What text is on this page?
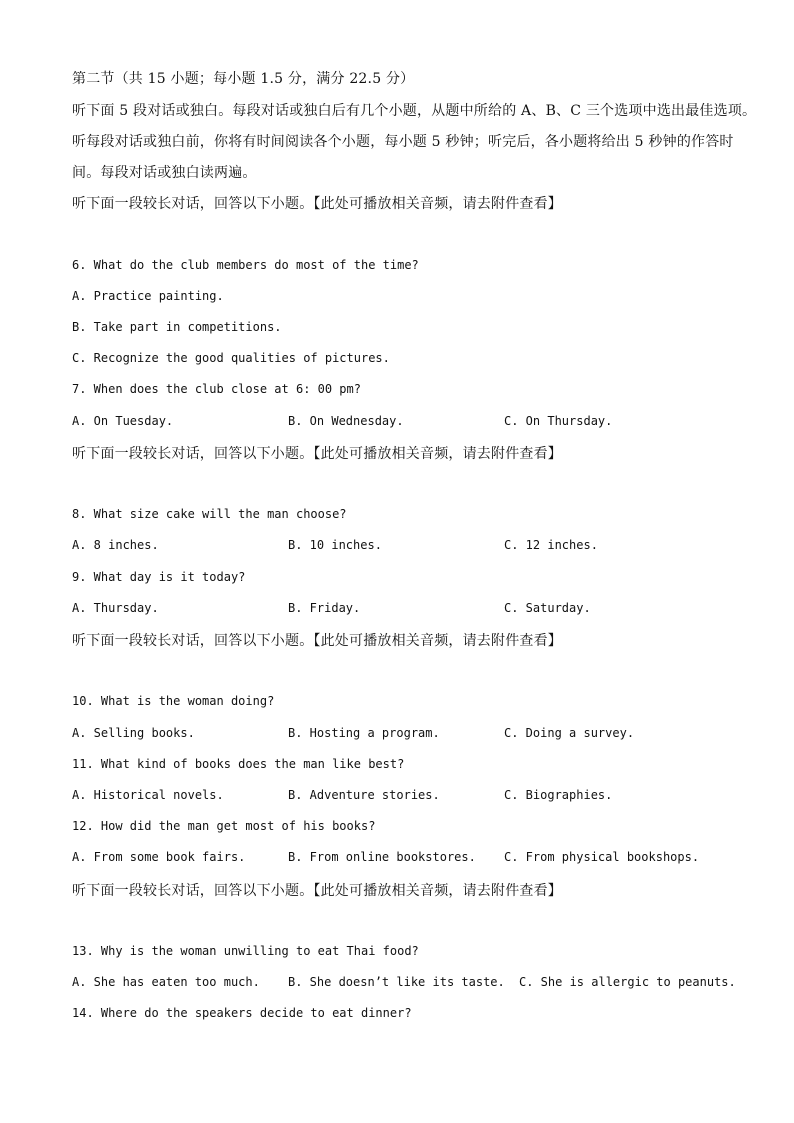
第二节（共 15 小题；每小题 1.5 分，满分 22.5 分）
听下面 5 段对话或独白。每段对话或独白后有几个小题，从题中所给的 A、B、C 三个选项中选出最佳选项。
听每段对话或独白前，你将有时间阅读各个小题，每小题 5 秒钟；听完后，各小题将给出 5 秒钟的作答时
间。每段对话或独白读两遍。
听下面一段较长对话，回答以下小题。【此处可播放相关音频，请去附件查看】
6. What do the club members do most of the time?
A. Practice painting.
B. Take part in competitions.
C. Recognize the good qualities of pictures.
7. When does the club close at 6: 00 pm?
A. On Tuesday.	B. On Wednesday.	C. On Thursday.
听下面一段较长对话，回答以下小题。【此处可播放相关音频，请去附件查看】
8. What size cake will the man choose?
A. 8 inches.	B. 10 inches.	C. 12 inches.
9. What day is it today?
A. Thursday.	B. Friday.	C. Saturday.
听下面一段较长对话，回答以下小题。【此处可播放相关音频，请去附件查看】
10. What is the woman doing?
A. Selling books.	B. Hosting a program.	C. Doing a survey.
11. What kind of books does the man like best?
A. Historical novels.	B. Adventure stories.	C. Biographies.
12. How did the man get most of his books?
A. From some book fairs.	B. From online bookstores. C. From physical bookshops.
听下面一段较长对话，回答以下小题。【此处可播放相关音频，请去附件查看】
13. Why is the woman unwilling to eat Thai food?
A. She has eaten too much. B. She doesn’t like its taste. C. She is allergic to peanuts.
14. Where do the speakers decide to eat dinner?
